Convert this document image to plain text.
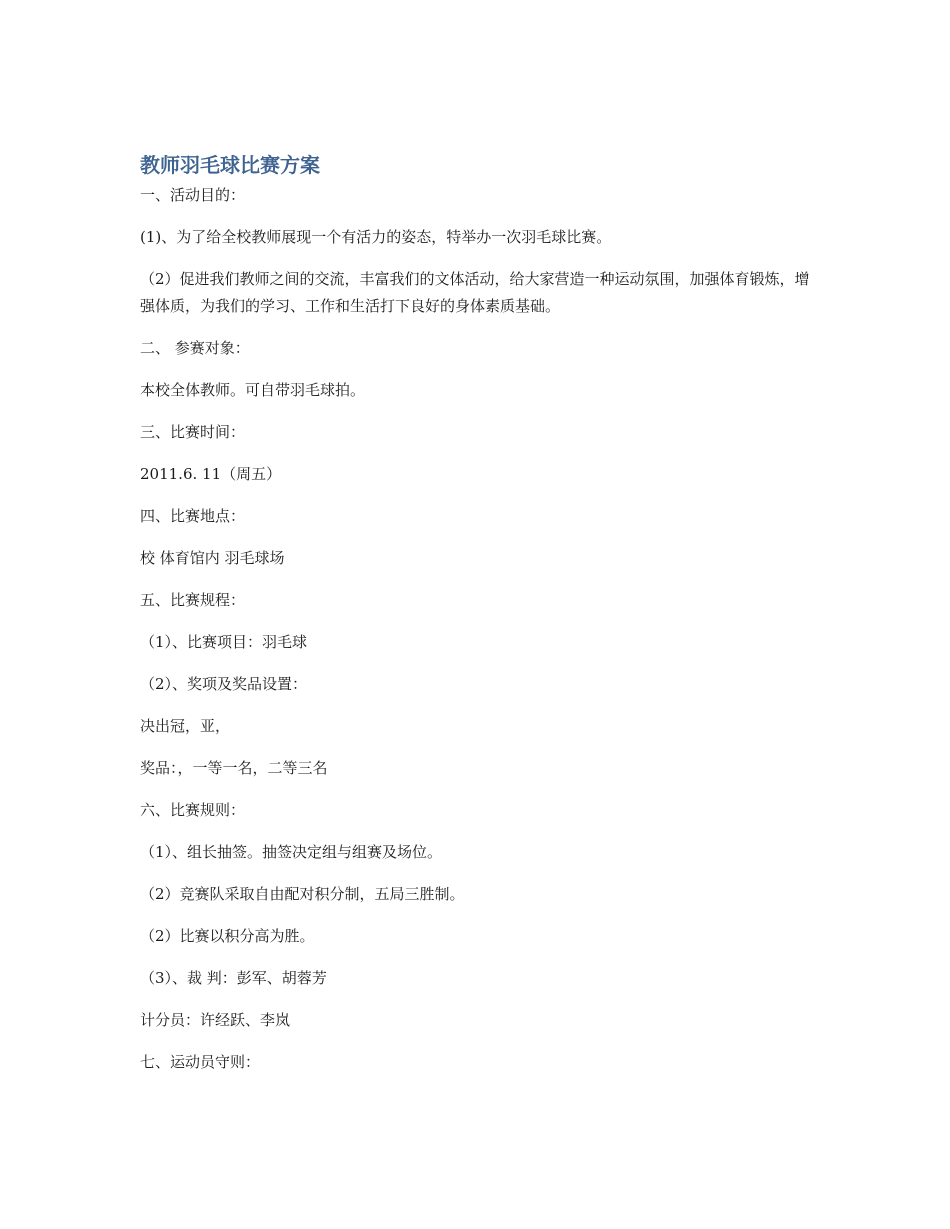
教师羽毛球比赛方案

一、活动目的：

(1)、为了给全校教师展现一个有活力的姿态，特举办一次羽毛球比赛。

（2）促进我们教师之间的交流，丰富我们的文体活动，给大家营造一种运动氛围，加强体育锻炼，增强体质，为我们的学习、工作和生活打下良好的身体素质基础。

二、 参赛对象：

本校全体教师。可自带羽毛球拍。

三、比赛时间：

2011.6. 11（周五）

四、比赛地点：

校 体育馆内 羽毛球场

五、比赛规程：

（1）、比赛项目：羽毛球

（2）、奖项及奖品设置：

决出冠，亚，

奖品：，一等一名，二等三名

六、比赛规则：

（1）、组长抽签。抽签决定组与组赛及场位。

（2）竞赛队采取自由配对积分制，五局三胜制。

（2）比赛以积分高为胜。

（3）、裁 判：彭军、胡蓉芳

计分员：许经跃、李岚

七、运动员守则：
